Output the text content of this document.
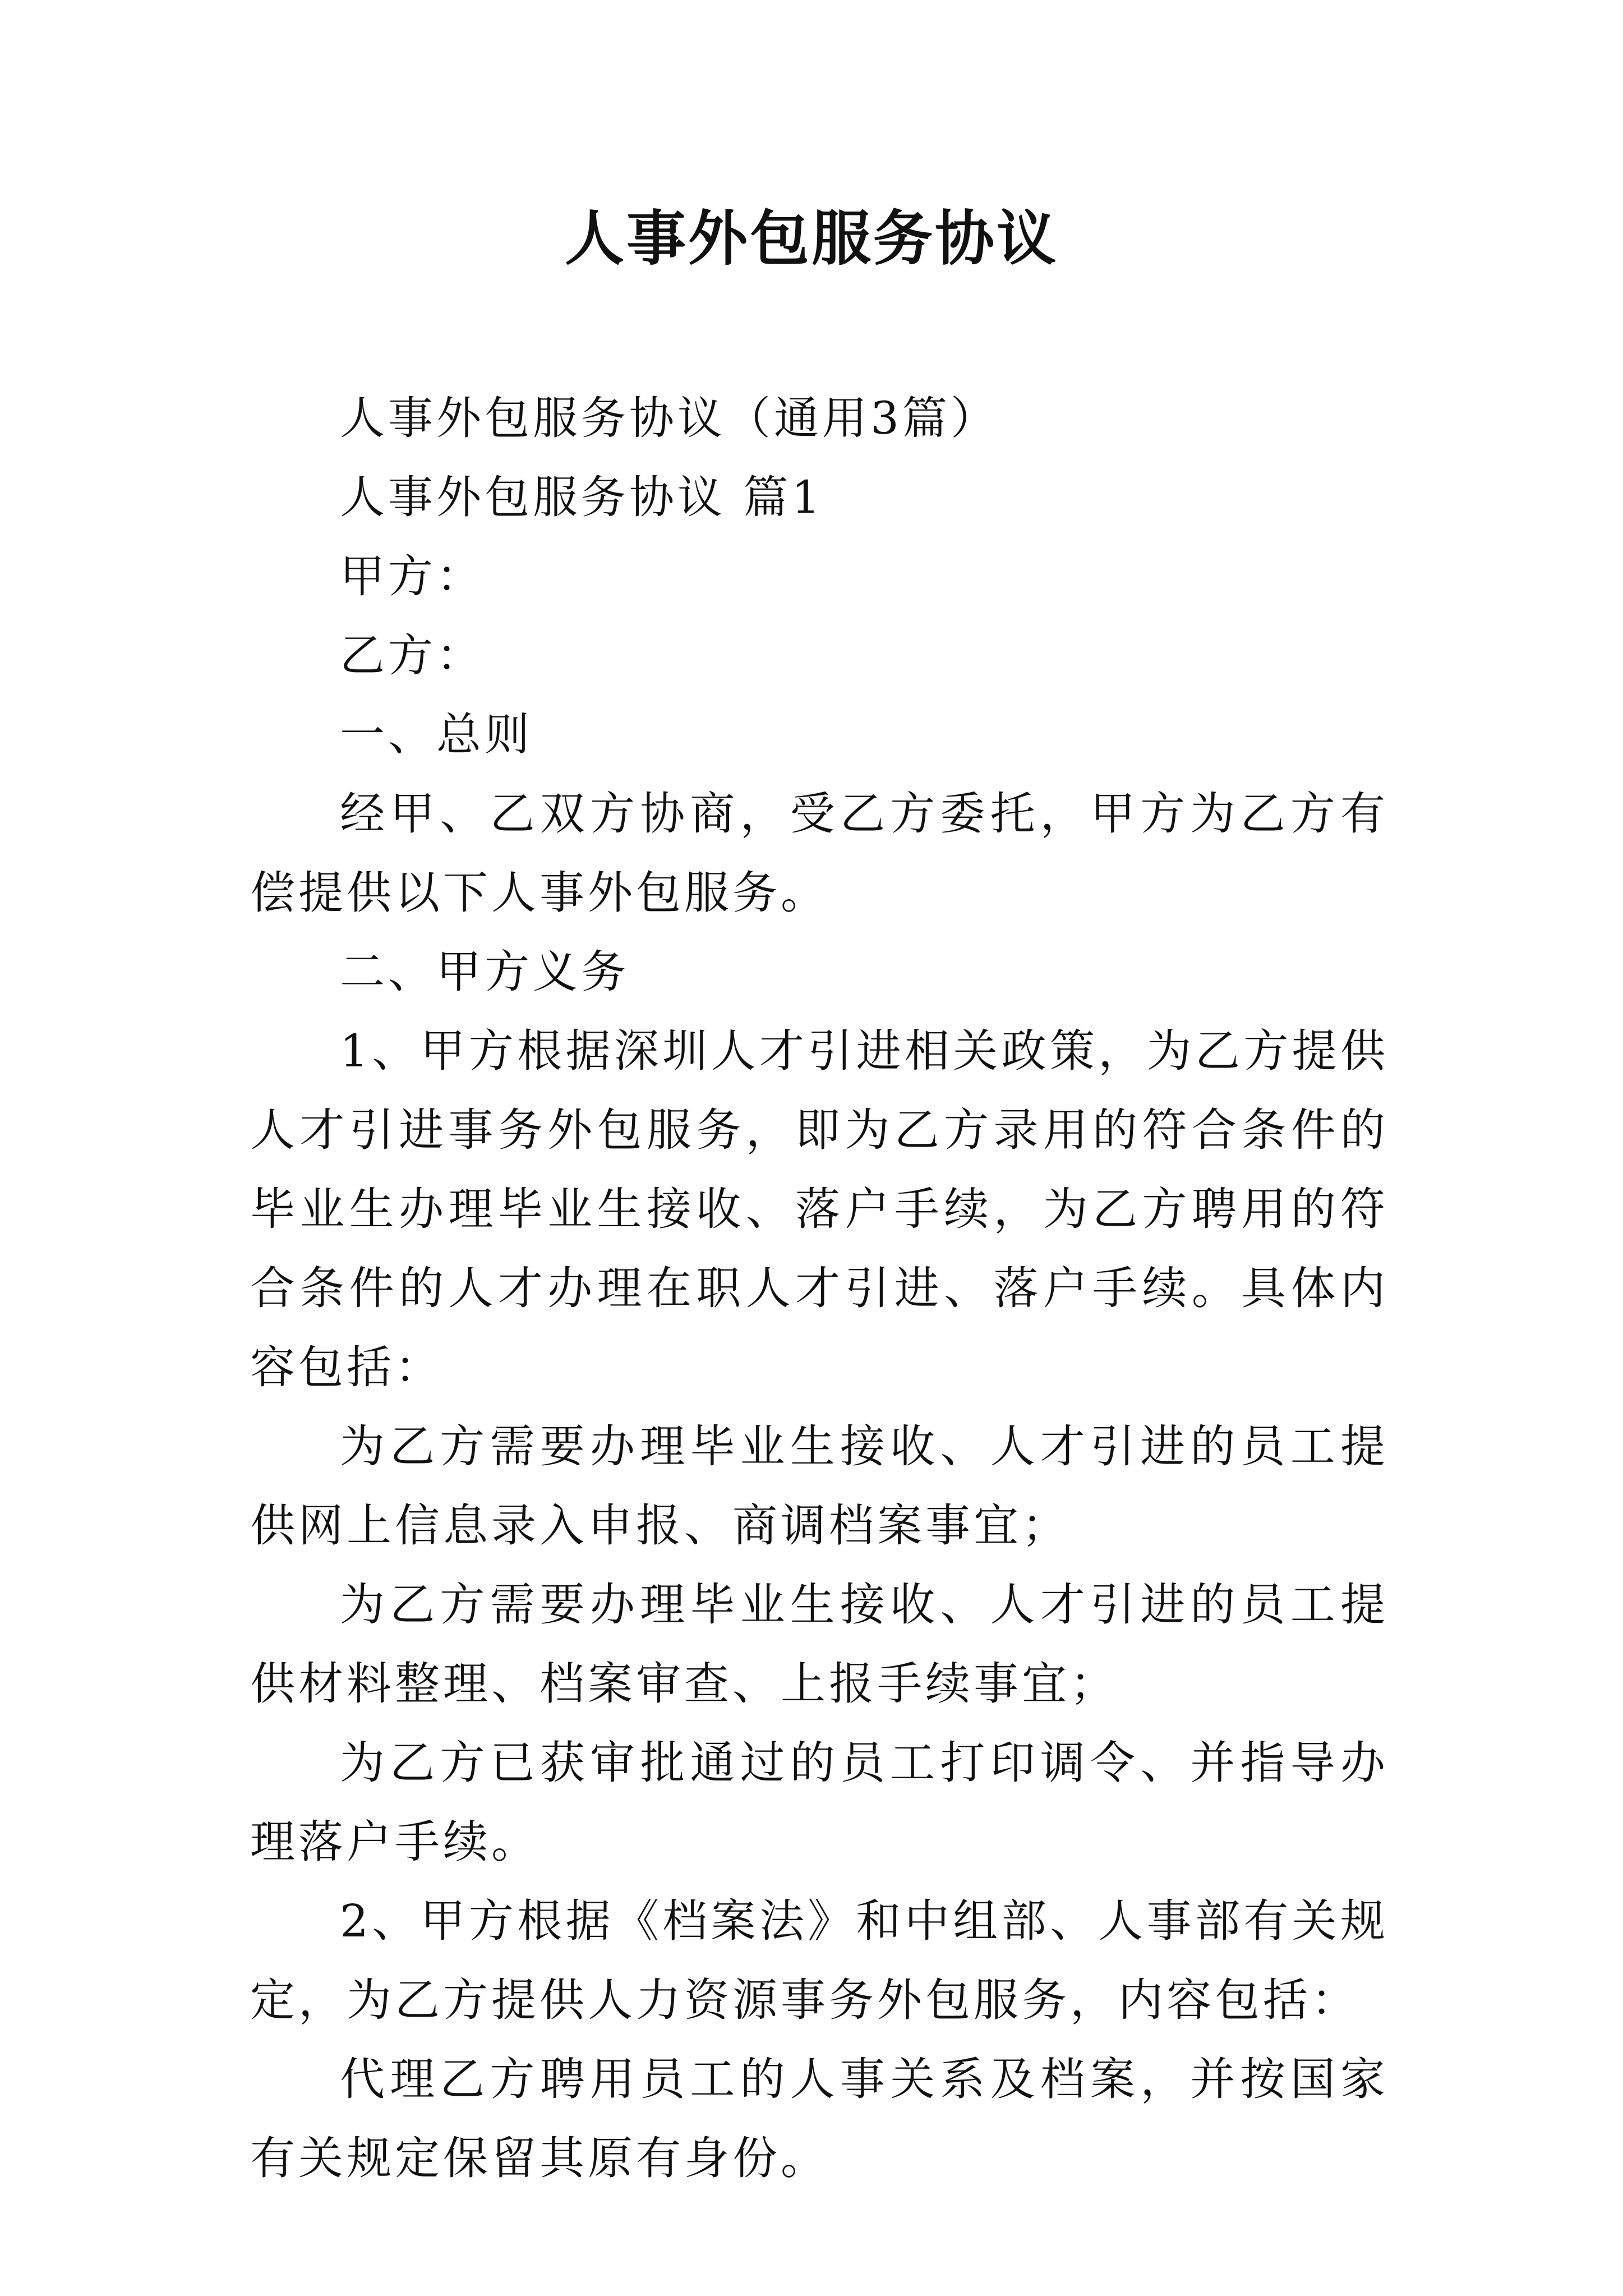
人事外包服务协议

人事外包服务协议（通用3篇）

人事外包服务协议 篇1

甲方：

乙方：

一、总则

经甲、乙双方协商，受乙方委托，甲方为乙方有偿提供以下人事外包服务。

二、甲方义务

1、甲方根据深圳人才引进相关政策，为乙方提供人才引进事务外包服务，即为乙方录用的符合条件的毕业生办理毕业生接收、落户手续，为乙方聘用的符合条件的人才办理在职人才引进、落户手续。具体内容包括：

为乙方需要办理毕业生接收、人才引进的员工提供网上信息录入申报、商调档案事宜；

为乙方需要办理毕业生接收、人才引进的员工提供材料整理、档案审查、上报手续事宜；

为乙方已获审批通过的员工打印调令、并指导办理落户手续。

2、甲方根据《档案法》和中组部、人事部有关规定，为乙方提供人力资源事务外包服务，内容包括：

代理乙方聘用员工的人事关系及档案，并按国家有关规定保留其原有身份。
